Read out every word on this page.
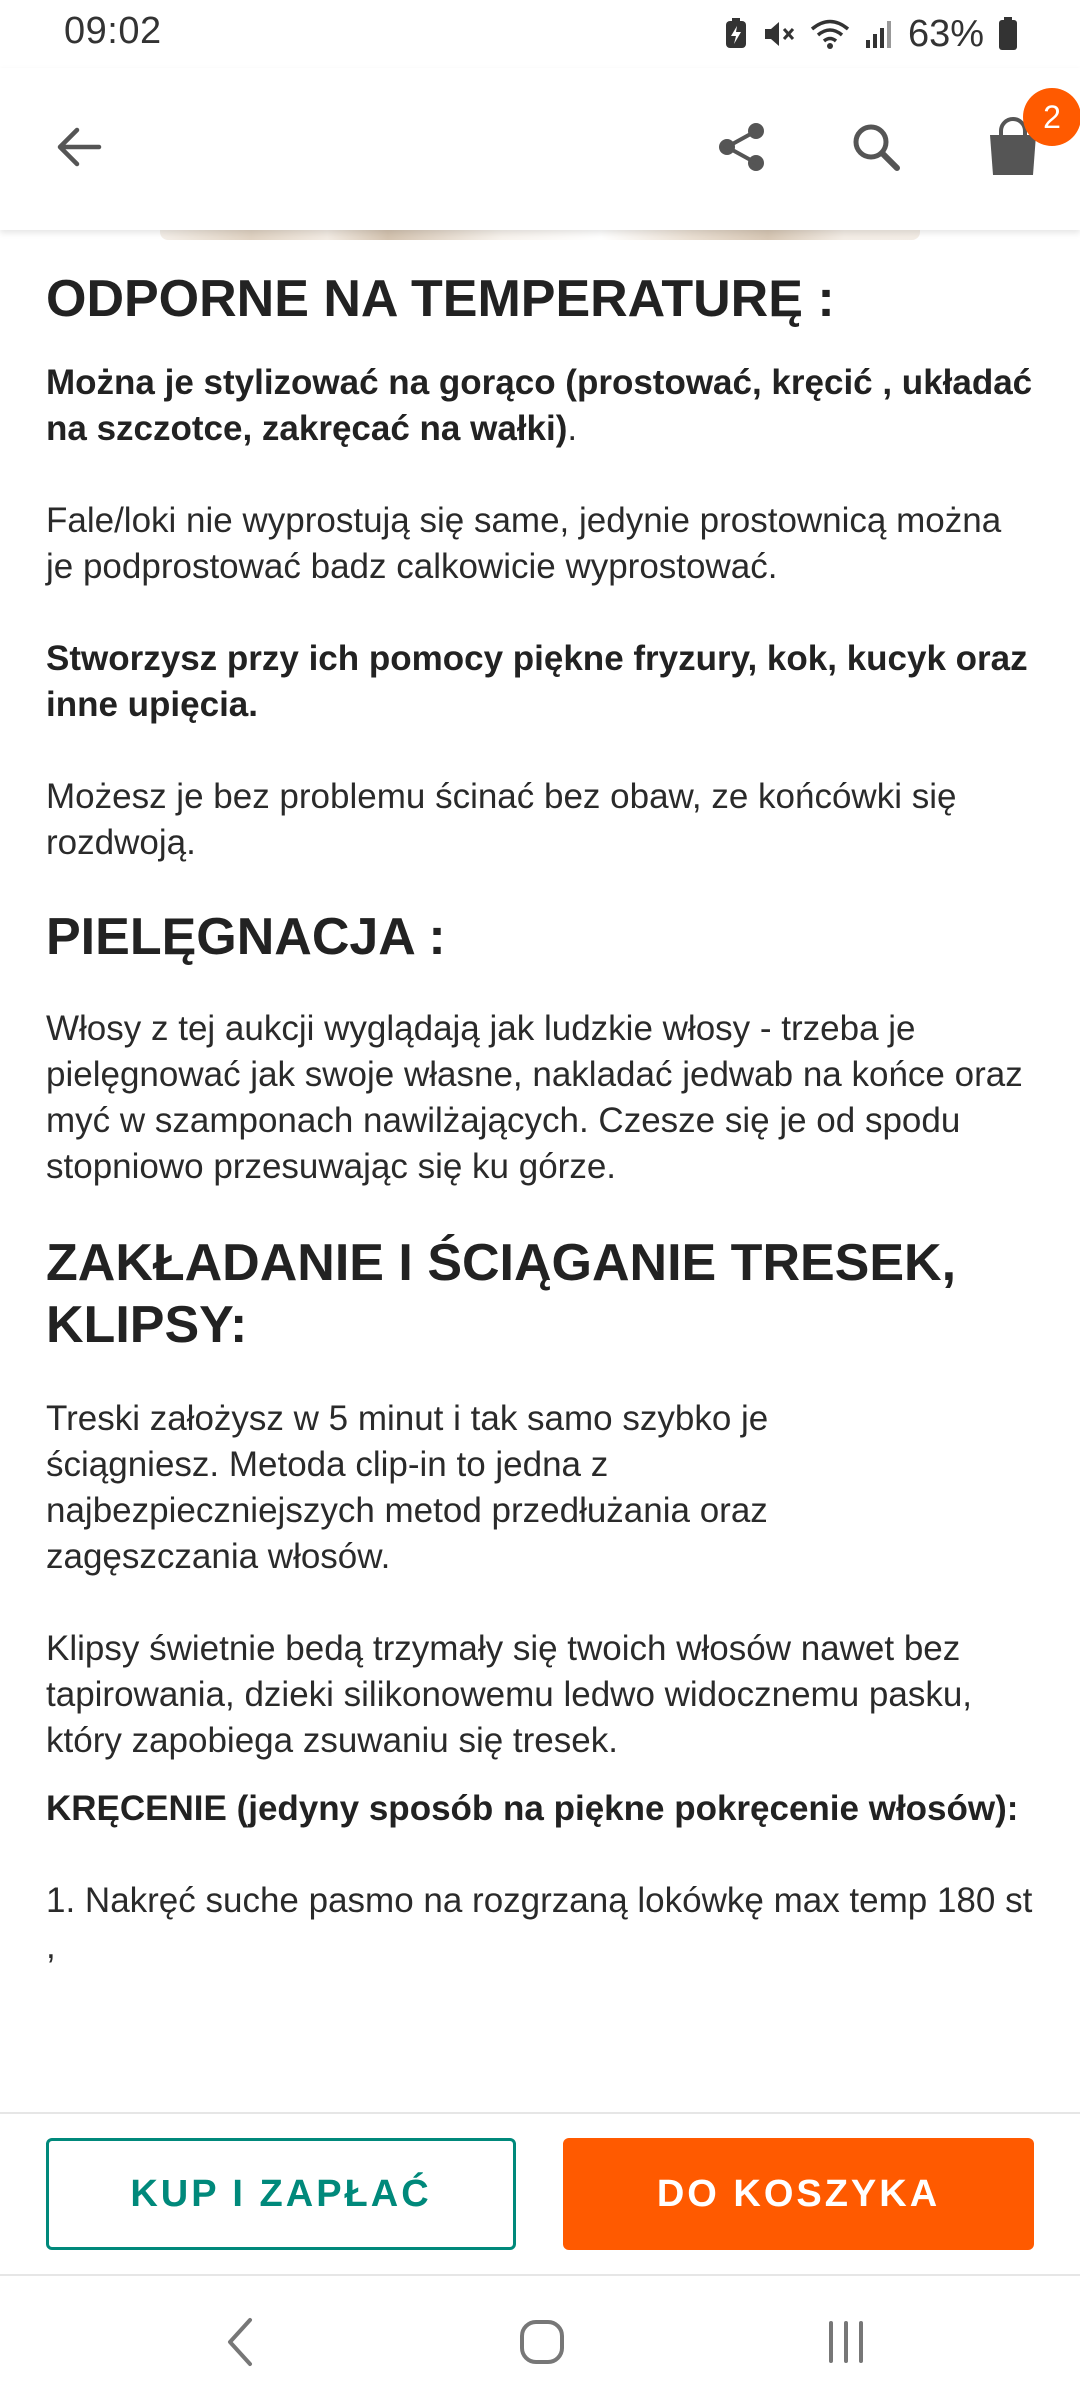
09:02	63%
2
ODPORNE NA TEMPERATURĘ :

Można je stylizować na gorąco (prostować, kręcić , układać na szczotce, zakręcać na wałki).

Fale/loki nie wyprostują się same, jedynie prostownicą można je podprostować badz calkowicie wyprostować.

Stworzysz przy ich pomocy piękne fryzury, kok, kucyk oraz inne upięcia.

Możesz je bez problemu ścinać bez obaw, ze końcówki się rozdwoją.

PIELĘGNACJA :

Włosy z tej aukcji wyglądają jak ludzkie włosy - trzeba je pielęgnować jak swoje własne, nakladać jedwab na końce oraz myć w szamponach nawilżających. Czesze się je od spodu stopniowo przesuwając się ku górze.

ZAKŁADANIE I ŚCIĄGANIE TRESEK, KLIPSY:

Treski założysz w 5 minut i tak samo szybko je ściągniesz. Metoda clip-in to jedna z najbezpieczniejszych metod przedłużania oraz zagęszczania włosów.

Klipsy świetnie bedą trzymały się twoich włosów nawet bez tapirowania, dzieki silikonowemu ledwo widocznemu pasku, który zapobiega zsuwaniu się tresek.

KRĘCENIE (jedyny sposób na piękne pokręcenie włosów):

1. Nakręć suche pasmo na rozgrzaną lokówkę max temp 180 st ,

KUP I ZAPŁAĆ	DO KOSZYKA
